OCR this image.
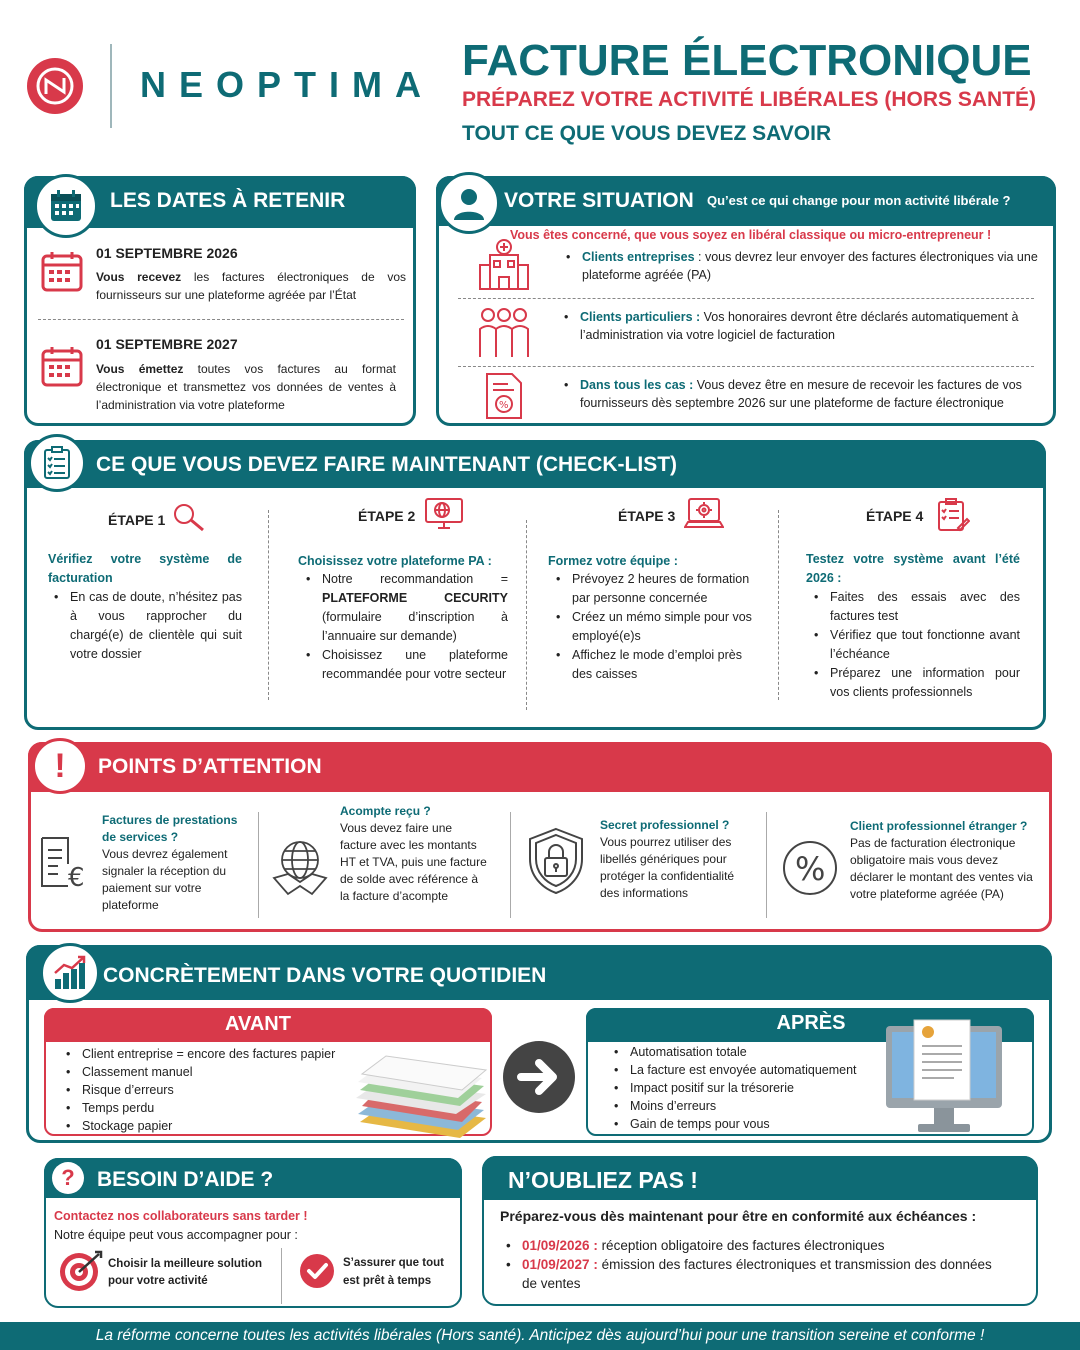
NEOPTIMA FACTURE ÉLECTRONIQUE
PRÉPAREZ VOTRE ACTIVITÉ LIBÉRALES (HORS SANTÉ)
TOUT CE QUE VOUS DEVEZ SAVOIR
LES DATES À RETENIR
01 SEPTEMBRE 2026
Vous recevez les factures électroniques de vos fournisseurs sur une plateforme agréée par l’État
01 SEPTEMBRE 2027
Vous émettez toutes vos factures au format électronique et transmettez vos données de ventes à l’administration via votre plateforme
VOTRE SITUATION Qu’est ce qui change pour mon activité libérale ?
Vous êtes concerné, que vous soyez en libéral classique ou micro-entrepreneur !
• Clients entreprises : vous devrez leur envoyer des factures électroniques via une plateforme agréée (PA)
• Clients particuliers : Vos honoraires devront être déclarés automatiquement à l’administration via votre logiciel de facturation
%
• Dans tous les cas : Vous devez être en mesure de recevoir les factures de vos fournisseurs dès septembre 2026 sur une plateforme de facture électronique
CE QUE VOUS DEVEZ FAIRE MAINTENANT (CHECK-LIST)
ÉTAPE 1
Vérifiez votre système de facturation
• En cas de doute, n’hésitez pas à vous rapprocher du chargé(e) de clientèle qui suit votre dossier
ÉTAPE 2
Choisissez votre plateforme PA :
• Notre recommandation = PLATEFORME CECURITY (formulaire d’inscription à l’annuaire sur demande)
• Choisissez une plateforme recommandée pour votre secteur
ÉTAPE 3
Formez votre équipe :
• Prévoyez 2 heures de formation par personne concernée
• Créez un mémo simple pour vos employé(e)s
• Affichez le mode d’emploi près des caisses
ÉTAPE 4
Testez votre système avant l’été 2026 :
• Faites des essais avec des factures test
• Vérifiez que tout fonctionne avant l’échéance
• Préparez une information pour vos clients professionnels
POINTS D’ATTENTION
!
€
Factures de prestations de services ?
Vous devrez également signaler la réception du paiement sur votre plateforme
Acompte reçu ?
Vous devez faire une facture avec les montants HT et TVA, puis une facture de solde avec référence à la facture d’acompte
Secret professionnel ?
Vous pourrez utiliser des libellés génériques pour protéger la confidentialité des informations
%
Client professionnel étranger ?
Pas de facturation électronique obligatoire mais vous devez déclarer le montant des ventes via votre plateforme agréée (PA)
CONCRÈTEMENT DANS VOTRE QUOTIDIEN
AVANT
• Client entreprise = encore des factures papier
• Classement manuel
• Risque d’erreurs
• Temps perdu
• Stockage papier
APRÈS
• Automatisation totale
• La facture est envoyée automatiquement
• Impact positif sur la trésorerie
• Moins d’erreurs
• Gain de temps pour vous
BESOIN D’AIDE ?
?
Contactez nos collaborateurs sans tarder !
Notre équipe peut vous accompagner pour :
Choisir la meilleure solution pour votre activité
S’assurer que tout est prêt à temps
N’OUBLIEZ PAS !
Préparez-vous dès maintenant pour être en conformité aux échéances :
• 01/09/2026 : réception obligatoire des factures électroniques
• 01/09/2027 : émission des factures électroniques et transmission des données de ventes
La réforme concerne toutes les activités libérales (Hors santé). Anticipez dès aujourd’hui pour une transition sereine et conforme !
